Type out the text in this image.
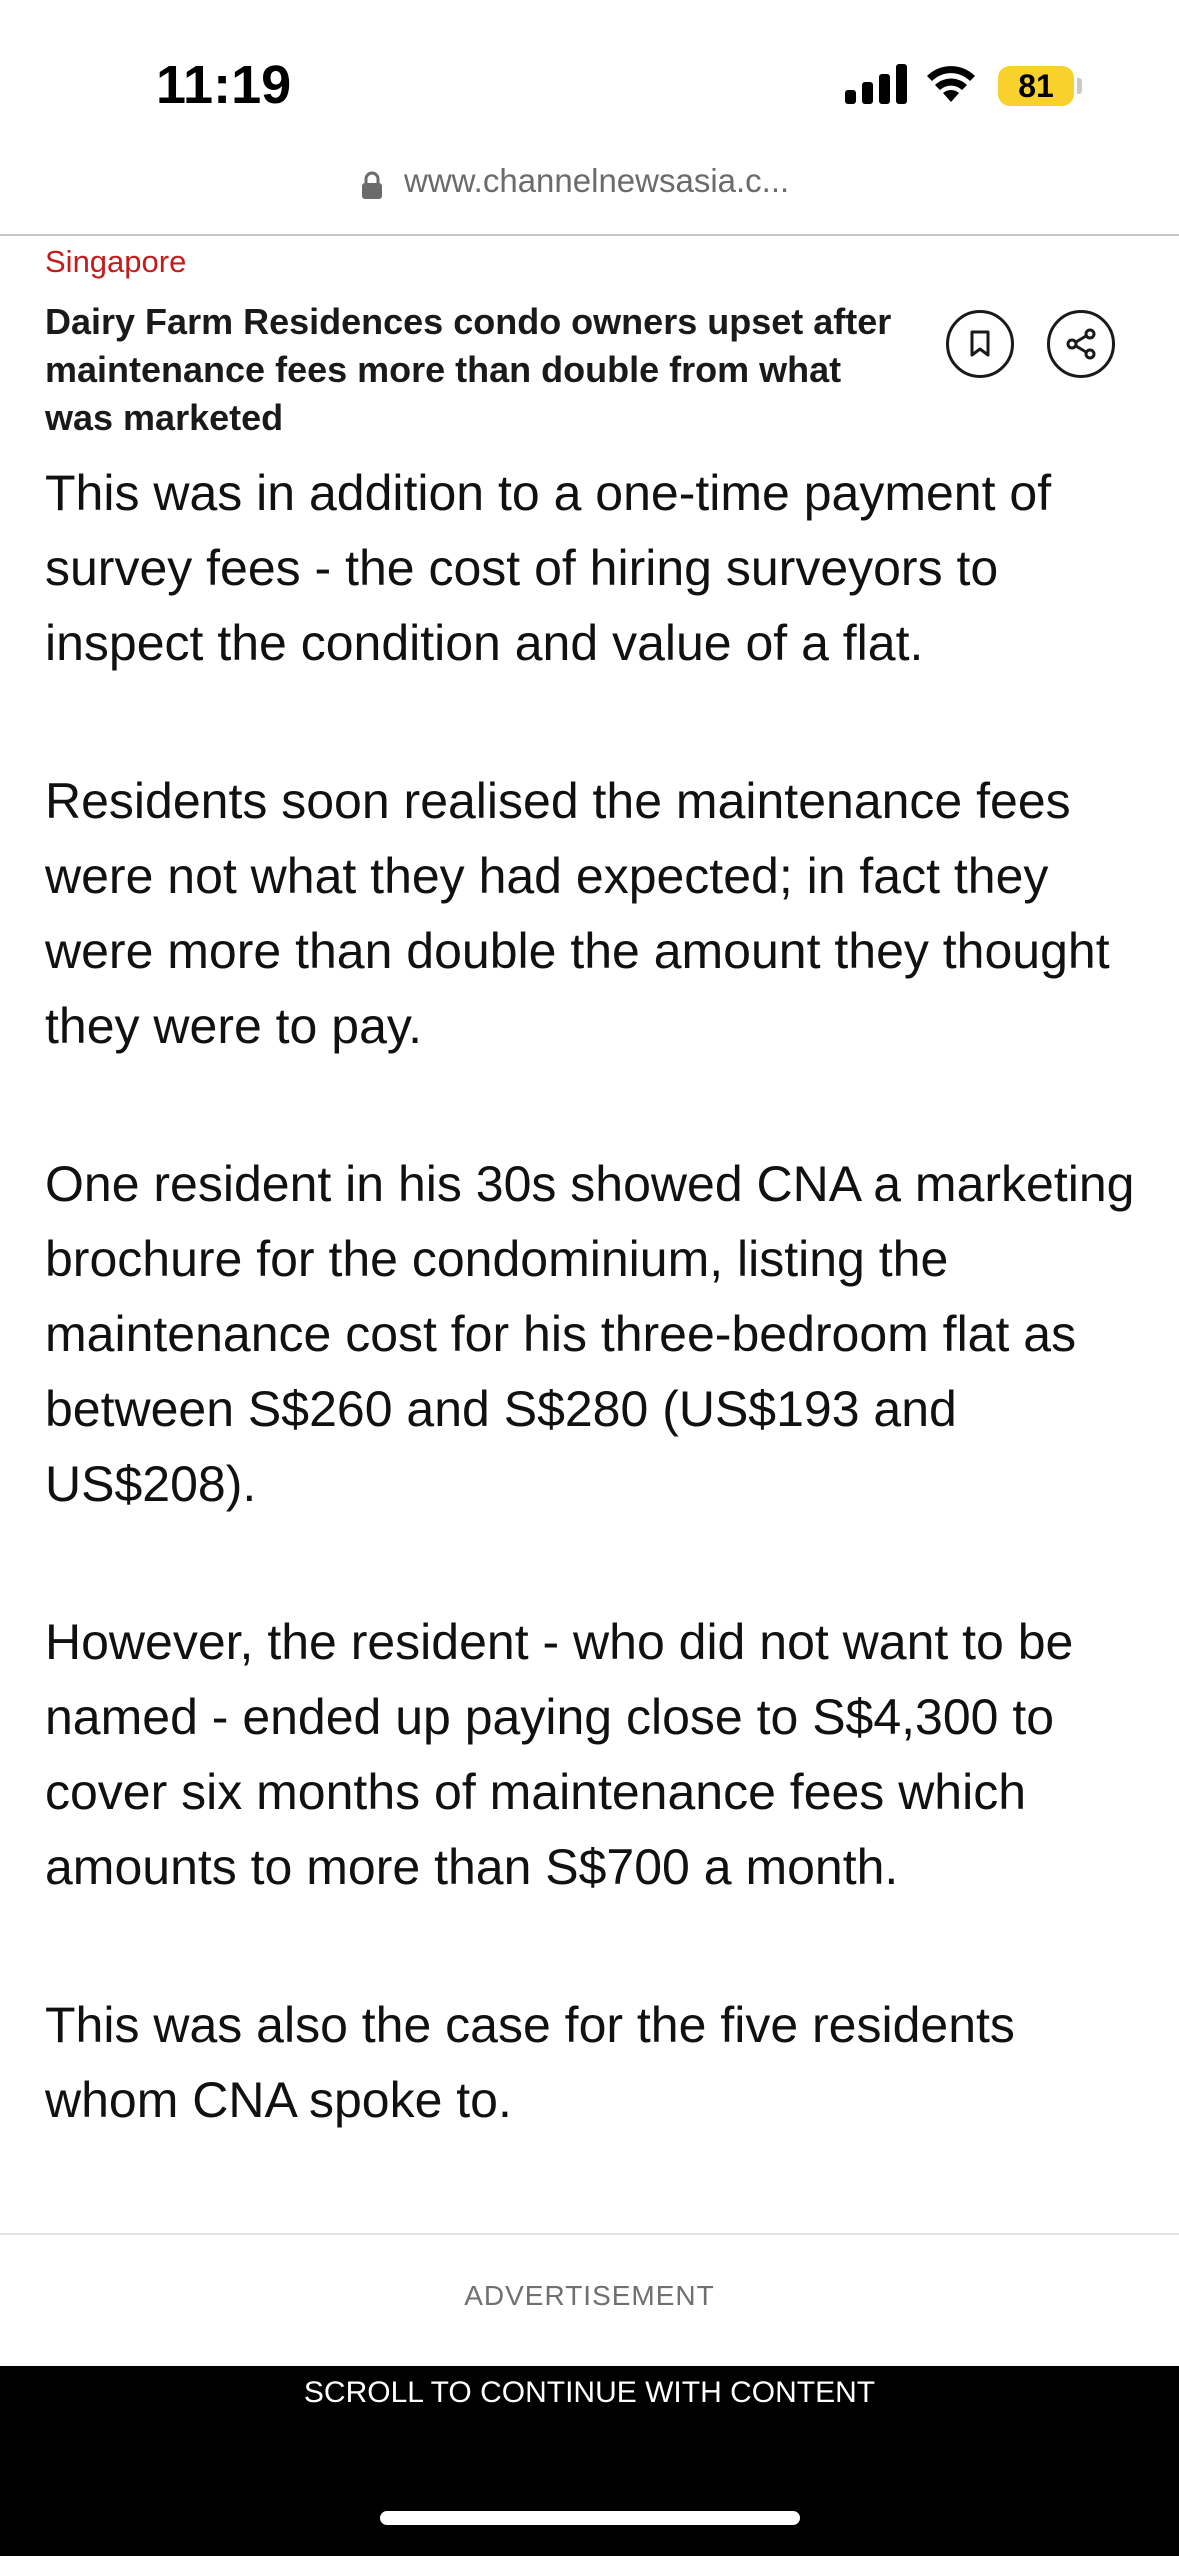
11:19	81
www.channelnewsasia.c...
Singapore
Dairy Farm Residences condo owners upset after maintenance fees more than double from what was marketed

This was in addition to a one-time payment of survey fees - the cost of hiring surveyors to inspect the condition and value of a flat.

Residents soon realised the maintenance fees were not what they had expected; in fact they were more than double the amount they thought they were to pay.

One resident in his 30s showed CNA a marketing brochure for the condominium, listing the maintenance cost for his three-bedroom flat as between S$260 and S$280 (US$193 and US$208).

However, the resident - who did not want to be named - ended up paying close to S$4,300 to cover six months of maintenance fees which amounts to more than S$700 a month.

This was also the case for the five residents whom CNA spoke to.

ADVERTISEMENT
SCROLL TO CONTINUE WITH CONTENT
